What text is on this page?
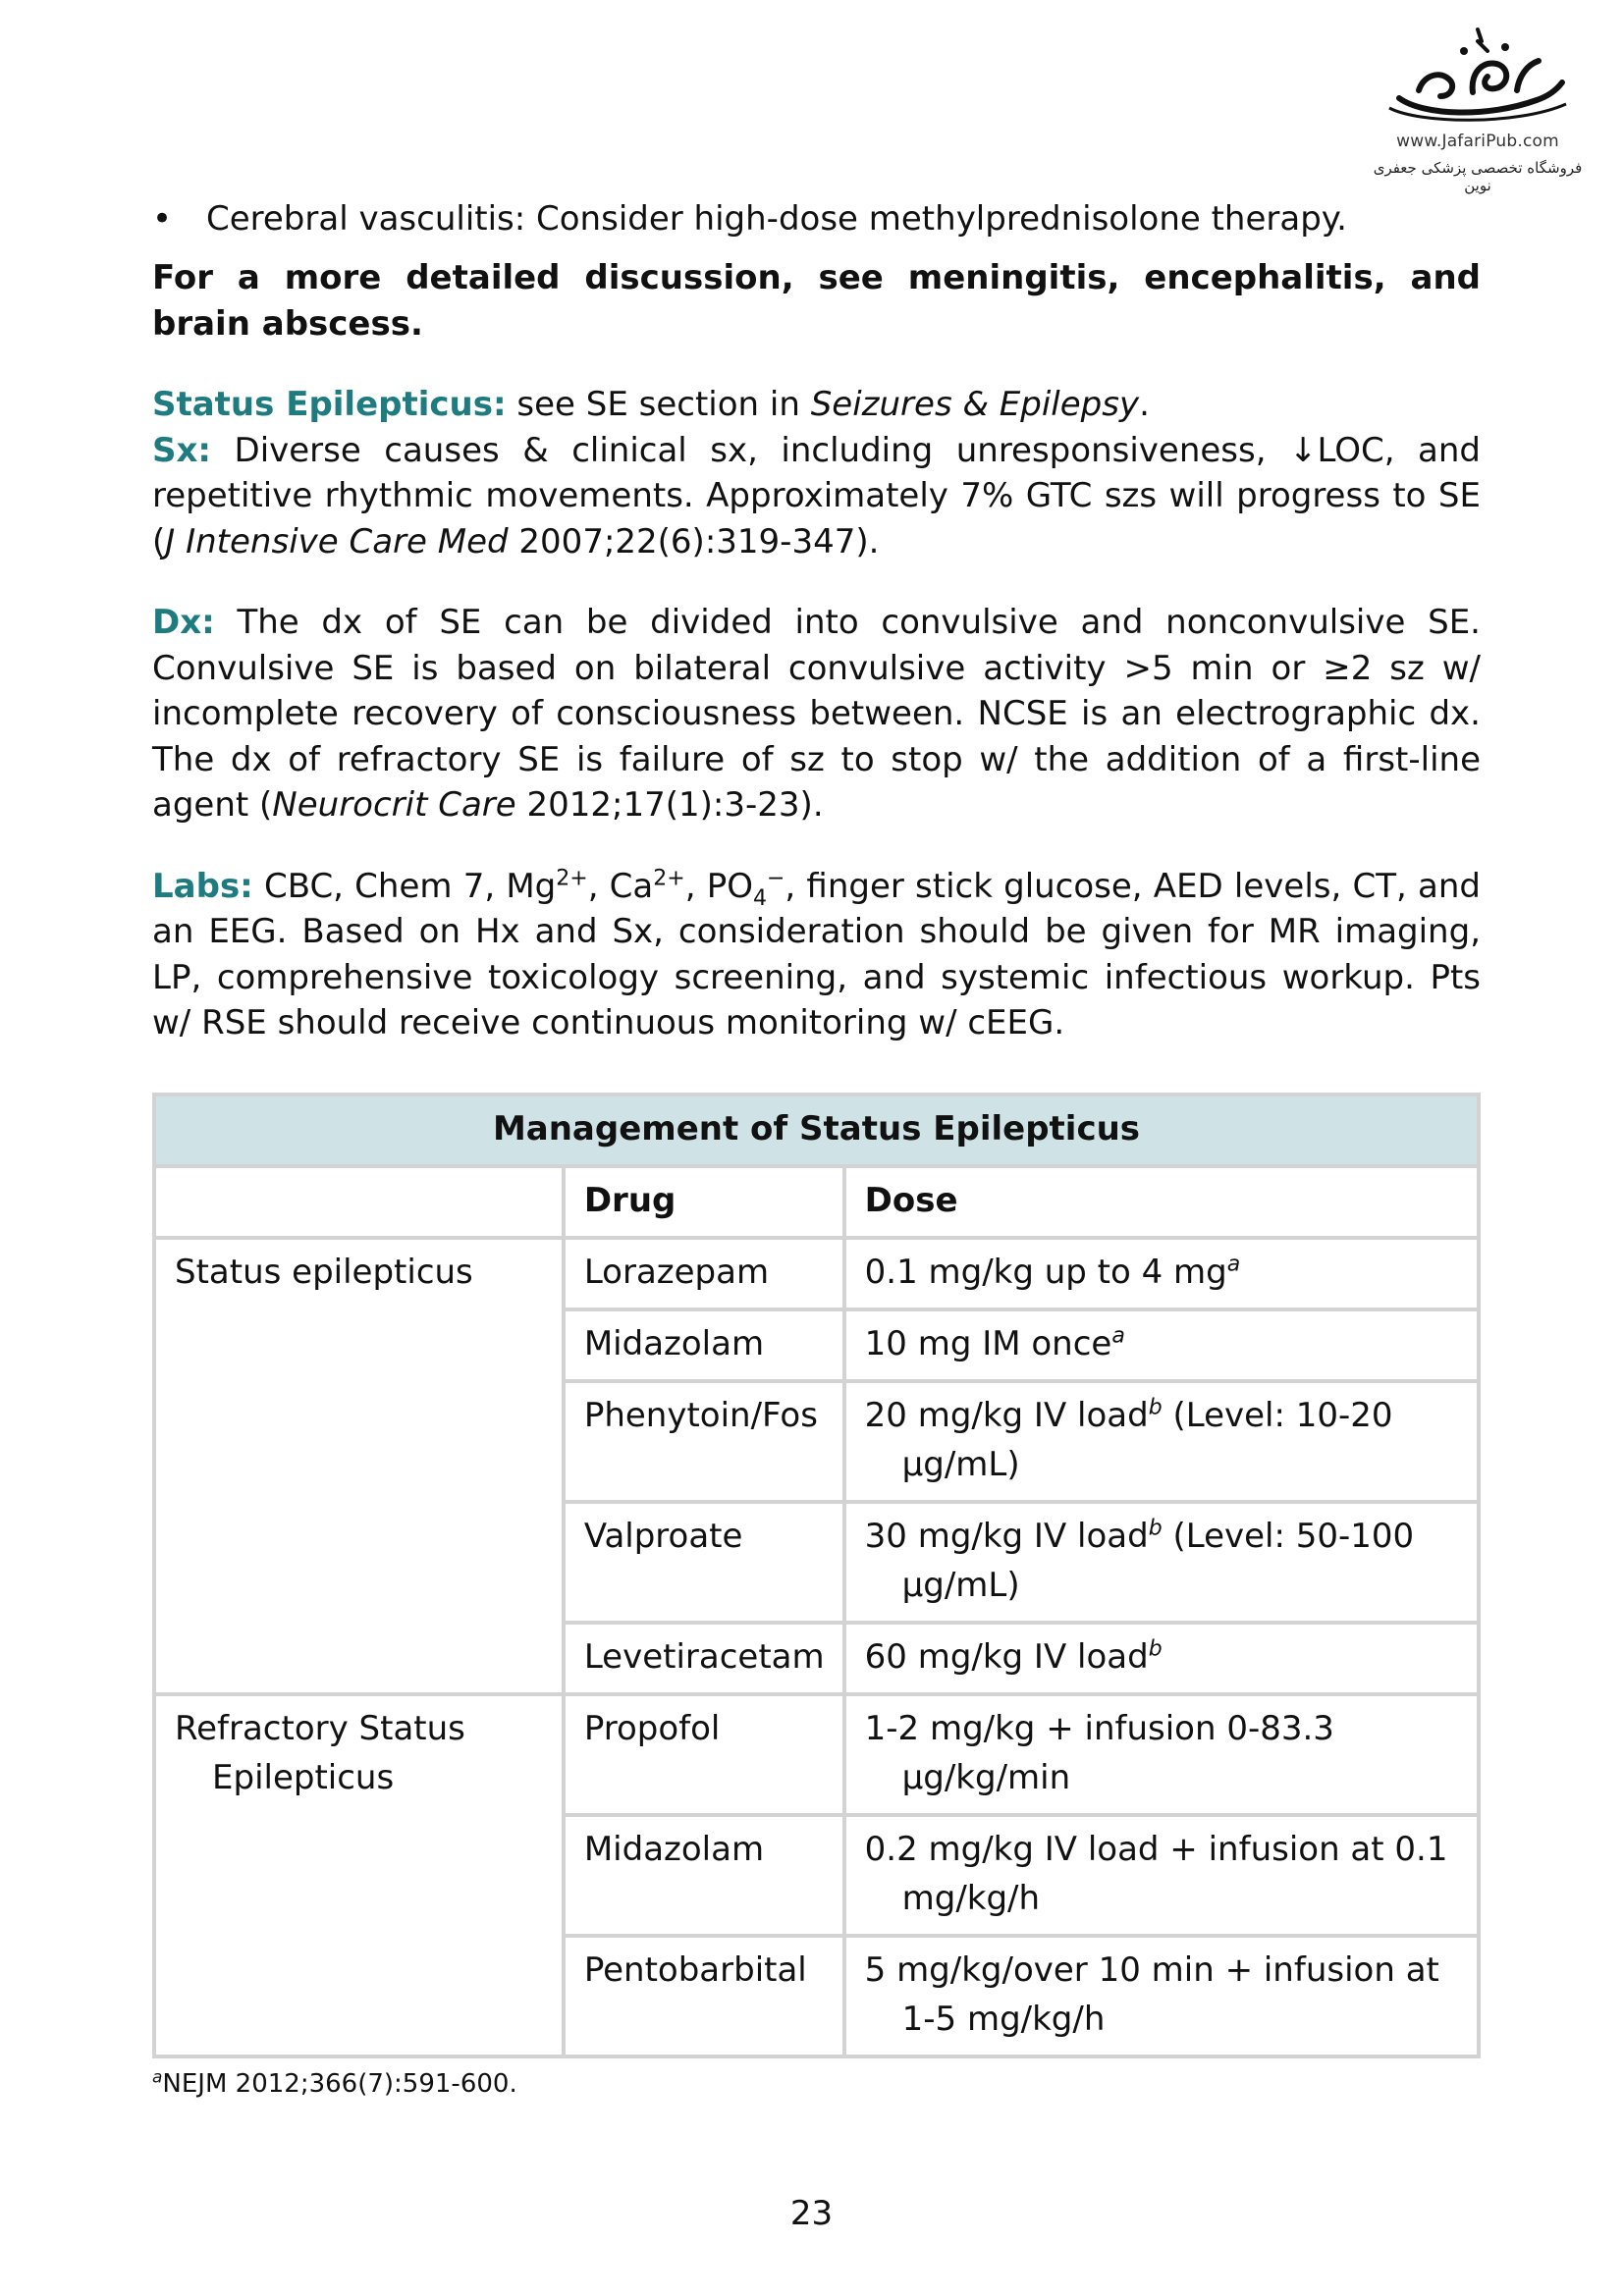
www.JafariPub.com
فروشگاه تخصصی پزشکی جعفری نوین
• Cerebral vasculitis: Consider high-dose methylprednisolone therapy.

For a more detailed discussion, see meningitis, encephalitis, and brain abscess.

Status Epilepticus: see SE section in Seizures & Epilepsy.

Sx: Diverse causes & clinical sx, including unresponsiveness, ↓LOC, and repetitive rhythmic movements. Approximately 7% GTC szs will progress to SE (J Intensive Care Med 2007;22(6):319-347).

Dx: The dx of SE can be divided into convulsive and nonconvulsive SE. Convulsive SE is based on bilateral convulsive activity >5 min or ≥2 sz w/ incomplete recovery of consciousness between. NCSE is an electrographic dx. The dx of refractory SE is failure of sz to stop w/ the addition of a first-line agent (Neurocrit Care 2012;17(1):3-23).

Labs: CBC, Chem 7, $Mg^{2+}$, $Ca^{2+}$, $PO_4^-$, finger stick glucose, AED levels, CT, and an EEG. Based on Hx and Sx, consideration should be given for MR imaging, LP, comprehensive toxicology screening, and systemic infectious workup. Pts w/ RSE should receive continuous monitoring w/ cEEG.

Management of Status Epilepticus		
	Drug	Dose
Status epilepticus	Lorazepam	0.1 mg/kg up to 4 $mg^a$
	Midazolam	10 mg IM once$^a$
	Phenytoin/Fos	20 mg/kg IV load$^b$ (Level: 10-20 µg/mL)
	Valproate	30 mg/kg IV load$^b$ (Level: 50-100 µg/mL)
	Levetiracetam	60 mg/kg IV load$^b$
Refractory Status Epilepticus	Propofol	1-2 mg/kg + infusion 0-83.3 µg/kg/min
	Midazolam	0.2 mg/kg IV load + infusion at 0.1 mg/kg/h
	Pentobarbital	5 mg/kg/over 10 min + infusion at 1-5 mg/kg/h
$^a$NEJM 2012;366(7):591-600.
23
